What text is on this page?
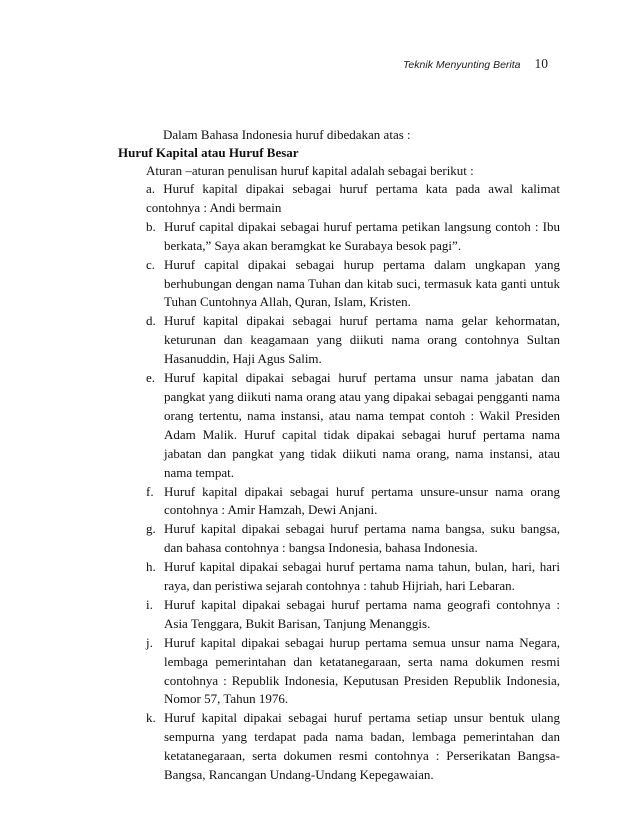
Teknik Menyunting Berita 10
Dalam Bahasa Indonesia huruf dibedakan atas :
Huruf Kapital atau Huruf Besar
Aturan –aturan penulisan huruf kapital adalah sebagai berikut :
a. Huruf kapital dipakai sebagai huruf pertama kata pada awal kalimat contohnya : Andi bermain
b. Huruf capital dipakai sebagai huruf pertama petikan langsung contoh : Ibu berkata,” Saya akan beramgkat ke Surabaya besok pagi”.
c. Huruf capital dipakai sebagai hurup pertama dalam ungkapan yang berhubungan dengan nama Tuhan dan kitab suci, termasuk kata ganti untuk Tuhan Cuntohnya Allah, Quran, Islam, Kristen.
d. Huruf kapital dipakai sebagai huruf pertama nama gelar kehormatan, keturunan dan keagamaan yang diikuti nama orang contohnya Sultan Hasanuddin, Haji Agus Salim.
e. Huruf kapital dipakai sebagai huruf pertama unsur nama jabatan dan pangkat yang diikuti nama orang atau yang dipakai sebagai pengganti nama orang tertentu, nama instansi, atau nama tempat contoh : Wakil Presiden Adam Malik. Huruf capital tidak dipakai sebagai huruf pertama nama jabatan dan pangkat yang tidak diikuti nama orang, nama instansi, atau nama tempat.
f. Huruf kapital dipakai sebagai huruf pertama unsure-unsur nama orang contohnya : Amir Hamzah, Dewi Anjani.
g. Huruf kapital dipakai sebagai huruf pertama nama bangsa, suku bangsa, dan bahasa contohnya : bangsa Indonesia, bahasa Indonesia.
h. Huruf kapital dipakai sebagai huruf pertama nama tahun, bulan, hari, hari raya, dan peristiwa sejarah contohnya : tahub Hijriah, hari Lebaran.
i. Huruf kapital dipakai sebagai huruf pertama nama geografi contohnya : Asia Tenggara, Bukit Barisan, Tanjung Menanggis.
j. Huruf kapital dipakai sebagai hurup pertama semua unsur nama Negara, lembaga pemerintahan dan ketatanegaraan, serta nama dokumen resmi contohnya : Republik Indonesia, Keputusan Presiden Republik Indonesia, Nomor 57, Tahun 1976.
k. Huruf kapital dipakai sebagai huruf pertama setiap unsur bentuk ulang sempurna yang terdapat pada nama badan, lembaga pemerintahan dan ketatanegaraan, serta dokumen resmi contohnya : Perserikatan Bangsa-Bangsa, Rancangan Undang-Undang Kepegawaian.
